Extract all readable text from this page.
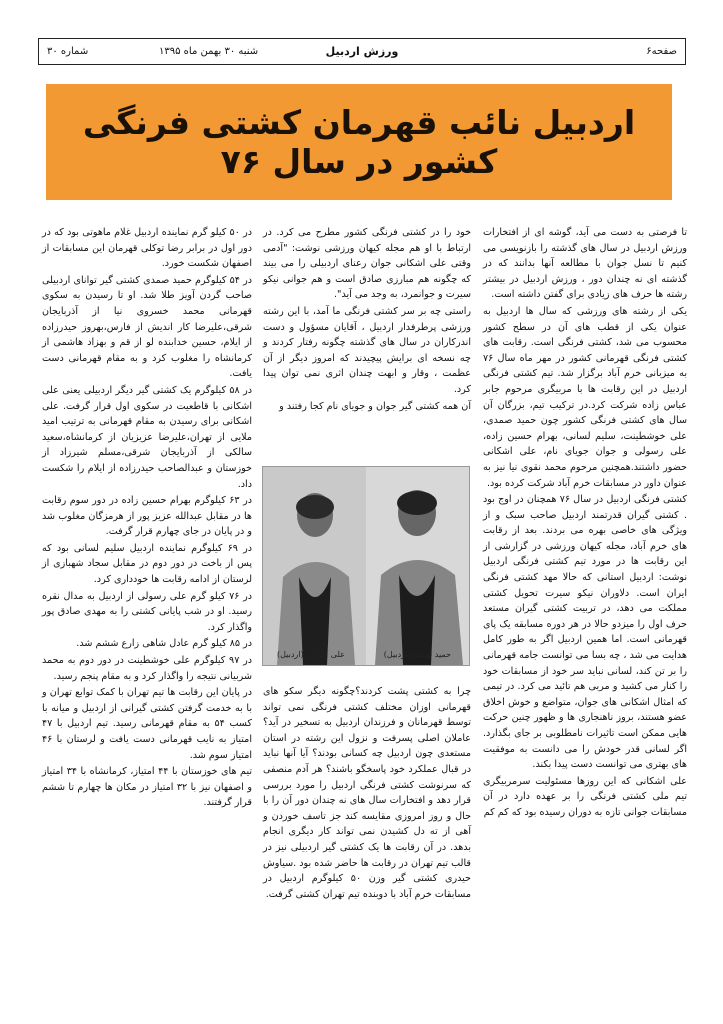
شماره ۳۰	شنبه ۳۰ بهمن ماه ۱۳۹۵	ورزش اردبیل	صفحه۶
اردبیل نائب قهرمان کشتی فرنگی کشور در سال ۷۶

تا فرصتی به دست می آید، گوشه ای از افتخارات ورزش اردبیل در سال های گذشته را بازنویسی می کنیم تا نسل جوان با مطالعه آنها بدانند که در گذشته ای نه چندان دور ، ورزش اردبیل در بیشتر رشته ها حرف های زیادی برای گفتن داشته است.

یکی از رشته های ورزشی که سال ها اردبیل به عنوان یکی از قطب های آن در سطح کشور محسوب می شد، کشتی فرنگی است. رقابت های کشتی فرنگی قهرمانی کشور در مهر ماه سال ۷۶ به میزبانی خرم آباد برگزار شد. تیم کشتی فرنگی اردبیل در این رقابت ها با مربیگری مرحوم جابر عباس زاده شرکت کرد.در ترکیب تیم، بزرگان آن سال های کشتی فرنگی کشور چون حمید صمدی، علی خوشطینت، سلیم لسانی، بهرام حسین زاده، علی رسولی و جوان جویای نام، علی اشکانی حضور داشتند.همچنین مرحوم محمد نقوی نیا نیز به عنوان داور در مسابقات خرم آباد شرکت کرده بود.

کشتی فرنگی اردبیل در سال ۷۶ همچنان در اوج بود . کشتی گیران قدرتمند اردبیل صاحب سبک و از ویژگی های خاصی بهره می بردند. بعد از رقابت های خرم آباد، مجله کیهان ورزشی در گزارشی از این رقابت ها در مورد تیم کشتی فرنگی اردبیل نوشت: اردبیل استانی که حالا مهد کشتی فرنگی ایران است. دلاوران نیکو سیرت تحویل کشتی مملکت می دهد، در تربیت کشتی گیران مستعد حرف اول را میزدو حالا در هر دوره مسابقه یک پای قهرمانی است. اما همین اردبیل اگر به طور کامل هدایت می شد ، چه بسا می توانست جامه قهرمانی را بر تن کند، لسانی نباید سر خود از مسابقات خود را کنار می کشید و مربی هم تائید می کرد. در تیمی که امثال اشکانی های جوان، متواضع و خوش اخلاق عضو هستند، بروز ناهنجاری ها و ظهور چنین حرکت هایی ممکن است تاثیرات نامطلوبی بر جای بگذارد. اگر لسانی قدر خودش را می دانست به موفقیت های بهتری می توانست دست پیدا بکند.

علی اشکانی که این روزها مسئولیت سرمربیگری تیم ملی کشتی فرنگی را بر عهده دارد در آن مسابقات جوانی تازه به دوران رسیده بود که کم کم

خود را در کشتی فرنگی کشور مطرح می کرد. در ارتباط با او هم مجله کیهان ورزشی نوشت: "آدمی وقتی علی اشکانی جوان رعنای اردبیلی را می بیند که چگونه هم مبارزی صادق است و هم جوانی نیکو سیرت و جوانمرد، به وجد می آید".

راستی چه بر سر کشتی فرنگی ما آمد، با این رشته ورزشی پرطرفدار اردبیل ، آقایان مسؤول و دست اندرکاران در سال های گذشته چگونه رفتار کردند و چه نسخه ای برایش پیچیدند که امروز دیگر از آن عظمت ، وقار و ابهت چندان اثری نمی توان پیدا کرد.

آن همه کشتی گیر جوان و جویای نام کجا رفتند و

علی اشکانی(اردبیل)	حمید صمدی(اردبیل)

چرا به کشتی پشت کردند؟چگونه دیگر سکو های قهرمانی اوزان مختلف کشتی فرنگی نمی تواند توسط قهرمانان و فرزندان اردبیل به تسخیر در آید؟ عاملان اصلی پسرفت و نزول این رشته در استان مستعدی چون اردبیل چه کسانی بودند؟ آیا آنها نباید در قبال عملکرد خود پاسخگو باشند؟ هر آدم منصفی که سرنوشت کشتی فرنگی اردبیل را مورد بررسی قرار دهد و افتخارات سال های نه چندان دور آن را با حال و روز امروزی مقایسه کند جز تاسف خوردن و آهی از ته دل کشیدن نمی تواند کار دیگری انجام بدهد. در آن رقابت ها یک کشتی گیر اردبیلی نیز در قالب تیم تهران در رقابت ها حاضر شده بود .سیاوش حیدری کشتی گیر وزن ۵۰ کیلوگرم اردبیل در مسابقات خرم آباد با دوبنده تیم تهران کشتی گرفت.

در ۵۰ کیلو گرم نماینده اردبیل غلام ماهوتی بود که در دور اول در برابر رضا توکلی قهرمان این مسابقات از اصفهان شکست خورد.

در ۵۴ کیلوگرم حمید صمدی کشتی گیر توانای اردبیلی صاحب گردن آویز طلا شد. او تا رسیدن به سکوی قهرمانی محمد خسروی نیا از آذربایجان شرقی،علیرضا کار اندیش از فارس،بهروز حیدرزاده از ایلام، حسین خدابنده لو از قم و بهزاد هاشمی از کرمانشاه را مغلوب کرد و به مقام قهرمانی دست یافت.

در ۵۸ کیلوگرم یک کشتی گیر دیگر اردبیلی یعنی علی اشکانی با قاطعیت در سکوی اول قرار گرفت. علی اشکانی برای رسیدن به مقام قهرمانی به ترتیب امید ملایی از تهران،علیرضا عزیزیان از کرمانشاه،سعید سالکی از آذربایجان شرقی،مسلم شیرزاد از خوزستان و عبدالصاحب حیدرزاده از ایلام را شکست داد.

در ۶۳ کیلوگرم بهرام حسین زاده در دور سوم رقابت ها در مقابل عبدالله عزیز پور از هرمزگان مغلوب شد و در پایان در جای چهارم قرار گرفت.

در ۶۹ کیلوگرم نماینده اردبیل سلیم لسانی بود که پس از باخت در دور دوم در مقابل سجاد شهبازی از لرستان از ادامه رقابت ها خودداری کرد.

در ۷۶ کیلو گرم علی رسولی از اردبیل به مدال نقره رسید. او در شب پایانی کشتی را به مهدی صادق پور واگذار کرد.

در ۸۵ کیلو گرم عادل شاهی زارع ششم شد.

در ۹۷ کیلوگرم علی خوشطینت در دور دوم به محمد شربیانی نتیجه را واگذار کرد و به مقام پنجم رسید.

در پایان این رقابت ها تیم تهران با کمک توابع تهران و با به خدمت گرفتن کشتی گیرانی از اردبیل و میانه با کسب ۵۴ به مقام قهرمانی رسید. تیم اردبیل با ۴۷ امتیاز به نایب قهرمانی دست یافت و لرستان با ۴۶ امتیاز سوم شد.

تیم های خوزستان با ۴۴ امتیاز، کرمانشاه با ۳۴ امتیاز و اصفهان نیز با ۳۲ امتیاز در مکان ها چهارم تا ششم قرار گرفتند.
